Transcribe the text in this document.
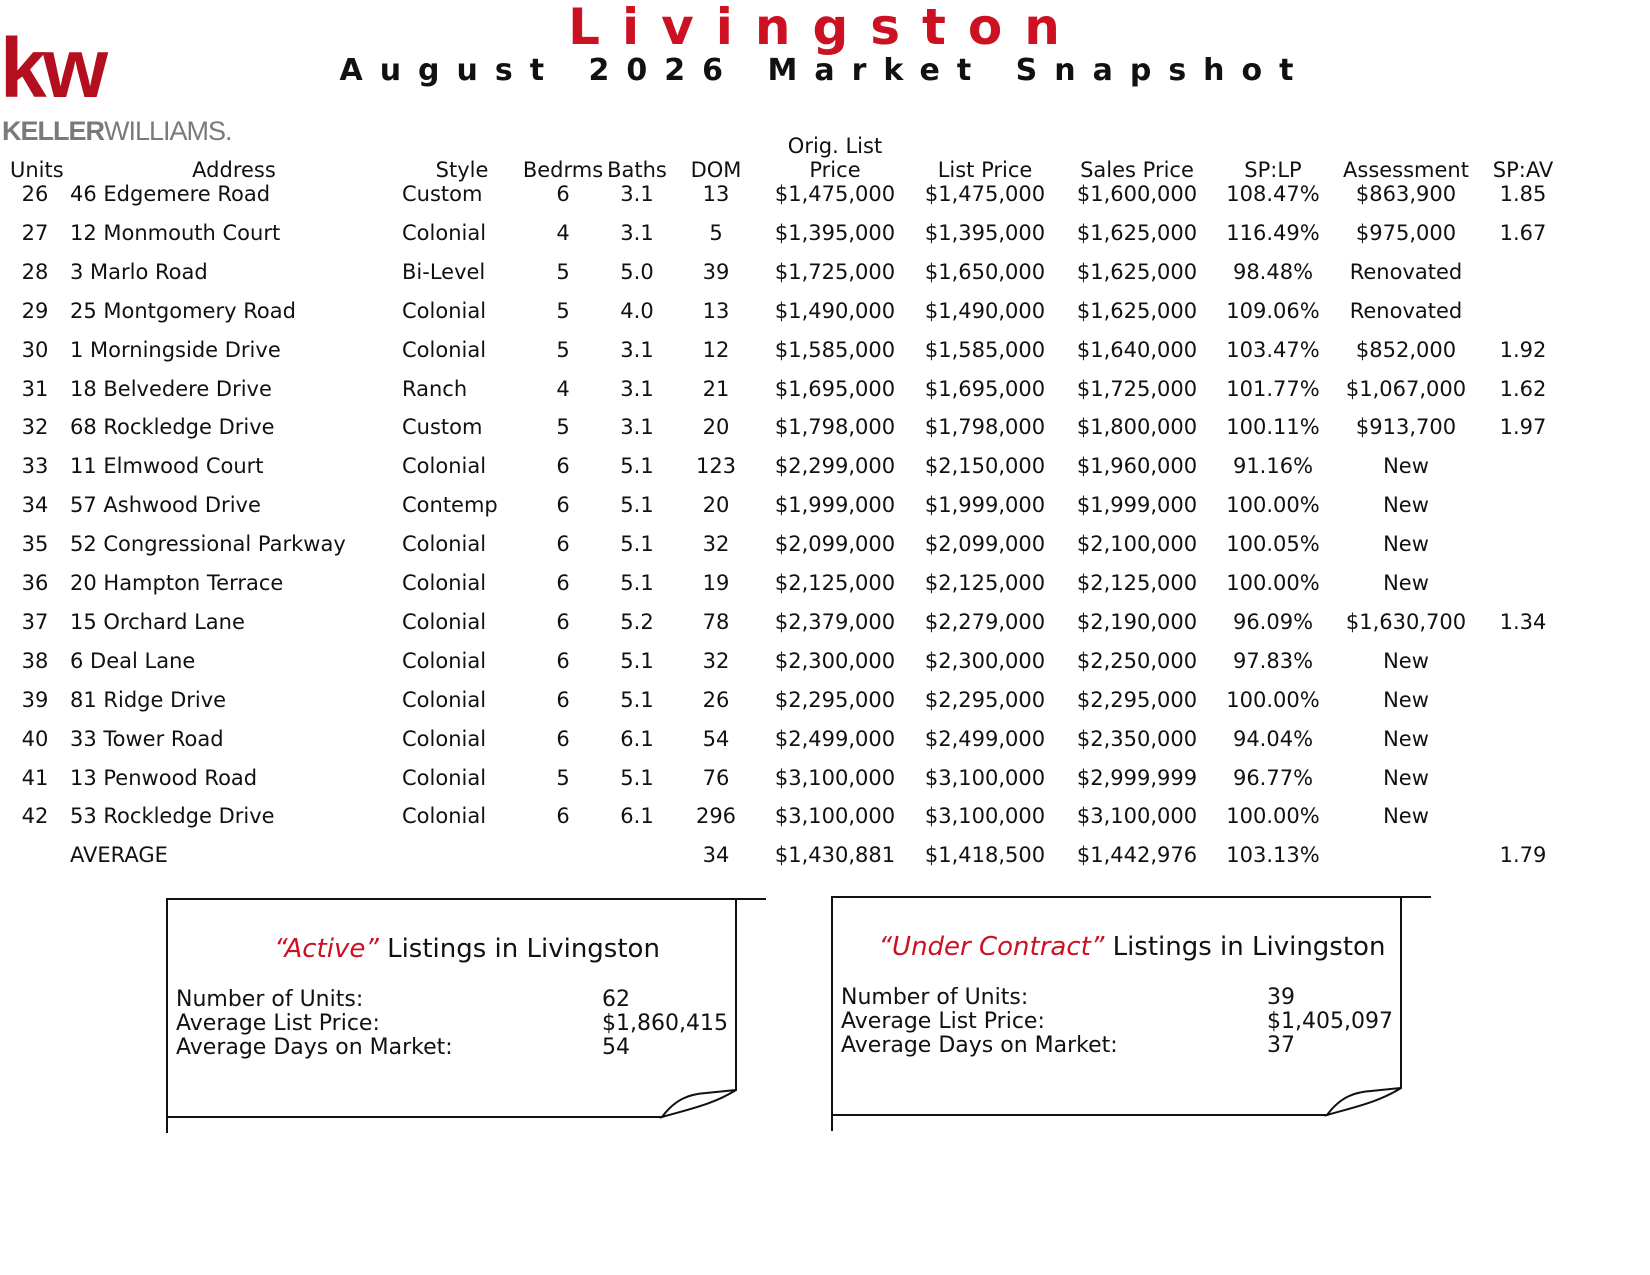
kw
KELLERWILLIAMS.
Livingston
August 2026 Market Snapshot
Units	Address	Style Bedrms Baths DOM
Orig. List
Price	List Price Sales Price SP:LP Assessment SP:AV
26 46 Edgemere Road	Custom	6 3.1 13 $1,475,000 $1,475,000 $1,600,000 108.47% $863,900 1.85
27 12 Monmouth Court	Colonial	4 3.1	5 $1,395,000 $1,395,000 $1,625,000 116.49% $975,000 1.67
28 3 Marlo Road	Bi-Level	5 5.0 39 $1,725,000 $1,650,000 $1,625,000 98.48% Renovated
29 25 Montgomery Road	Colonial	5 4.0 13 $1,490,000 $1,490,000 $1,625,000 109.06% Renovated
30 1 Morningside Drive	Colonial	5 3.1 12 $1,585,000 $1,585,000 $1,640,000 103.47% $852,000 1.92
31 18 Belvedere Drive	Ranch	4 3.1 21 $1,695,000 $1,695,000 $1,725,000 101.77% $1,067,000 1.62
32 68 Rockledge Drive	Custom	5 3.1 20 $1,798,000 $1,798,000 $1,800,000 100.11% $913,700 1.97
33 11 Elmwood Court	Colonial	6 5.1 123 $2,299,000 $2,150,000 $1,960,000 91.16%	New
34 57 Ashwood Drive	Contemp	6 5.1 20 $1,999,000 $1,999,000 $1,999,000 100.00%	New
35 52 Congressional Parkway	Colonial	6 5.1 32 $2,099,000 $2,099,000 $2,100,000 100.05%	New
36 20 Hampton Terrace	Colonial	6 5.1 19 $2,125,000 $2,125,000 $2,125,000 100.00%	New
37 15 Orchard Lane	Colonial	6 5.2 78 $2,379,000 $2,279,000 $2,190,000 96.09% $1,630,700 1.34
38 6 Deal Lane	Colonial	6 5.1 32 $2,300,000 $2,300,000 $2,250,000 97.83%	New
39 81 Ridge Drive	Colonial	6 5.1 26 $2,295,000 $2,295,000 $2,295,000 100.00%	New
40 33 Tower Road	Colonial	6 6.1 54 $2,499,000 $2,499,000 $2,350,000 94.04%	New
41 13 Penwood Road	Colonial	5 5.1 76 $3,100,000 $3,100,000 $2,999,999 96.77%	New
42 53 Rockledge Drive	Colonial	6 6.1 296 $3,100,000 $3,100,000 $3,100,000 100.00%	New
AVERAGE	34 $1,430,881 $1,418,500 $1,442,976 103.13%	1.79
“Active” Listings in Livingston
Number of Units:	62
Average List Price:	$1,860,415
Average Days on Market:	54
“Under Contract” Listings in Livingston
Number of Units:	39
Average List Price:	$1,405,097
Average Days on Market:	37
